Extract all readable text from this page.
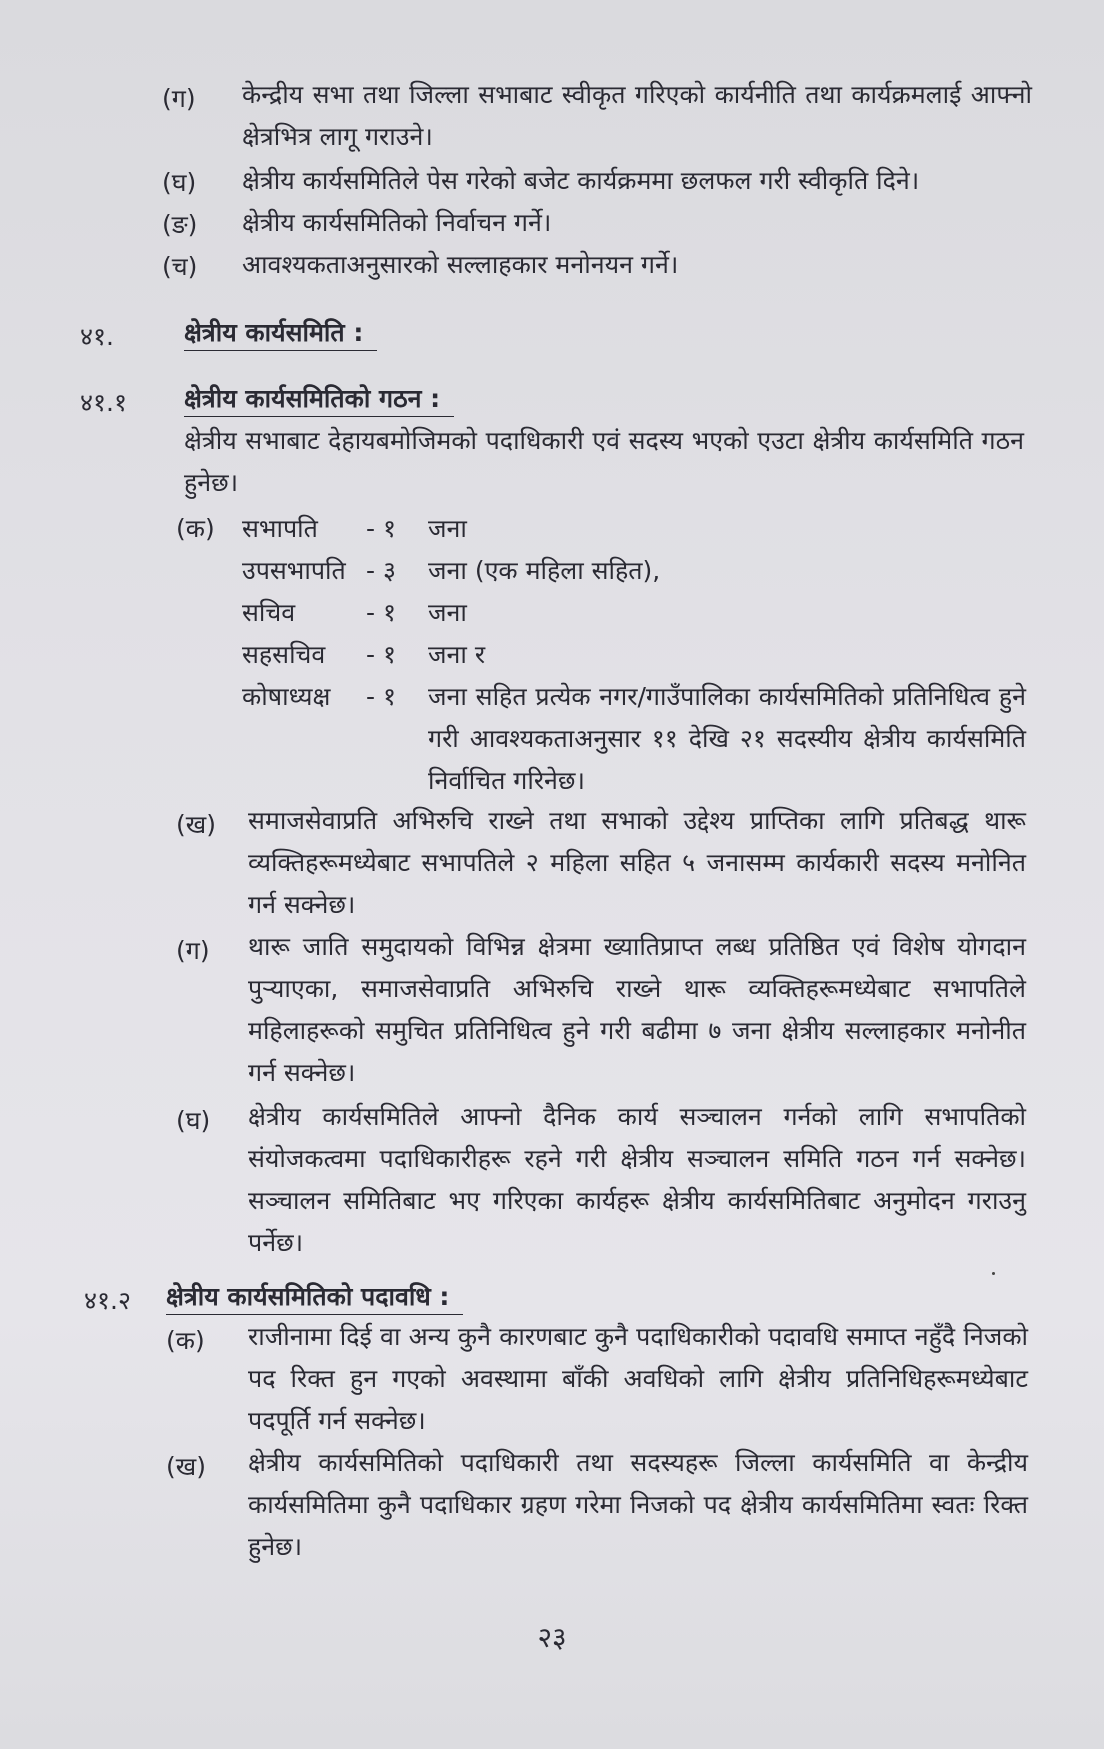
(ग) केन्द्रीय सभा तथा जिल्ला सभाबाट स्वीकृत गरिएको कार्यनीति तथा कार्यक्रमलाई आफ्नो क्षेत्रभित्र लागू गराउने।
(घ) क्षेत्रीय कार्यसमितिले पेस गरेको बजेट कार्यक्रममा छलफल गरी स्वीकृति दिने।
(ङ) क्षेत्रीय कार्यसमितिको निर्वाचन गर्ने।
(च) आवश्यकताअनुसारको सल्लाहकार मनोनयन गर्ने।
४१.	क्षेत्रीय कार्यसमिति :
४१.१ क्षेत्रीय कार्यसमितिको गठन :
क्षेत्रीय सभाबाट देहायबमोजिमको पदाधिकारी एवं सदस्य भएको एउटा क्षेत्रीय कार्यसमिति गठन हुनेछ।
(क) सभापति - १ जना
उपसभापति - ३ जना (एक महिला सहित),
सचिव	- १ जना
सहसचिव - १ जना र
कोषाध्यक्ष - १ जना सहित प्रत्येक नगर/गाउँपालिका कार्यसमितिको प्रतिनिधित्व हुने गरी आवश्यकताअनुसार ११ देखि २१ सदस्यीय क्षेत्रीय कार्यसमिति निर्वाचित गरिनेछ।
(ख) समाजसेवाप्रति अभिरुचि राख्ने तथा सभाको उद्देश्य प्राप्तिका लागि प्रतिबद्ध थारू व्यक्तिहरूमध्येबाट सभापतिले २ महिला सहित ५ जनासम्म कार्यकारी सदस्य मनोनित गर्न सक्नेछ।
(ग) थारू जाति समुदायको विभिन्न क्षेत्रमा ख्यातिप्राप्त लब्ध प्रतिष्ठित एवं विशेष योगदान पुऱ्याएका, समाजसेवाप्रति अभिरुचि राख्ने थारू व्यक्तिहरूमध्येबाट सभापतिले महिलाहरूको समुचित प्रतिनिधित्व हुने गरी बढीमा ७ जना क्षेत्रीय सल्लाहकार मनोनीत गर्न सक्नेछ।
(घ) क्षेत्रीय कार्यसमितिले आफ्नो दैनिक कार्य सञ्चालन गर्नको लागि सभापतिको संयोजकत्वमा पदाधिकारीहरू रहने गरी क्षेत्रीय सञ्चालन समिति गठन गर्न सक्नेछ। सञ्चालन समितिबाट भए गरिएका कार्यहरू क्षेत्रीय कार्यसमितिबाट अनुमोदन गराउनु पर्नेछ।
४१.२ क्षेत्रीय कार्यसमितिको पदावधि :
(क) राजीनामा दिई वा अन्य कुनै कारणबाट कुनै पदाधिकारीको पदावधि समाप्त नहुँदै निजको पद रिक्त हुन गएको अवस्थामा बाँकी अवधिको लागि क्षेत्रीय प्रतिनिधिहरूमध्येबाट पदपूर्ति गर्न सक्नेछ।
(ख) क्षेत्रीय कार्यसमितिको पदाधिकारी तथा सदस्यहरू जिल्ला कार्यसमिति वा केन्द्रीय कार्यसमितिमा कुनै पदाधिकार ग्रहण गरेमा निजको पद क्षेत्रीय कार्यसमितिमा स्वतः रिक्त हुनेछ।
२३
